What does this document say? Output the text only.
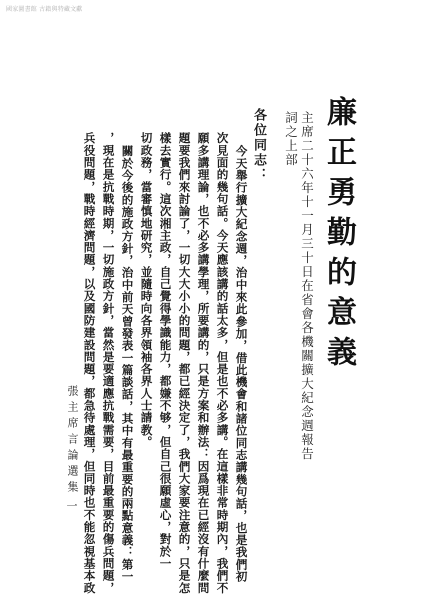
國家圖書館 古籍與特藏文獻
廉正勇勤的意義
主席二十六年十一月三十日在省會各機關擴大紀念週報告
詞之上部
各位同志：
今天舉行擴大紀念週，治中來此參加，借此機會和諸位同志講幾句話，也是我們初
次見面的幾句話。今天應該講的話太多，但是也不必多講。在這樣非常時期內，我們不
願多講理論，也不必多講學理，所要講的，只是方案和辦法：因爲現在已經沒有什麼問
題要我們來討論了，一切大大小小的問題，都已經決定了，我們大家要注意的，只是怎
樣去實行。這次湘主政，自己覺得學識能力，都嫌不够，但自己很願虛心，對於一
切政務，當審慎地研究，並隨時向各界領袖各界人士請教。
關於今後的施政方針，治中前天曾發表一篇談話，其中有最重要的兩點意義：第一
，現在是抗戰時期，一切施政方針，當然是要適應抗戰需要，目前最重要的傷兵問題，
兵役問題，戰時經濟問題，以及國防建設問題，都急待處理，但同時也不能忽視基本政
張主席言論選集
一
